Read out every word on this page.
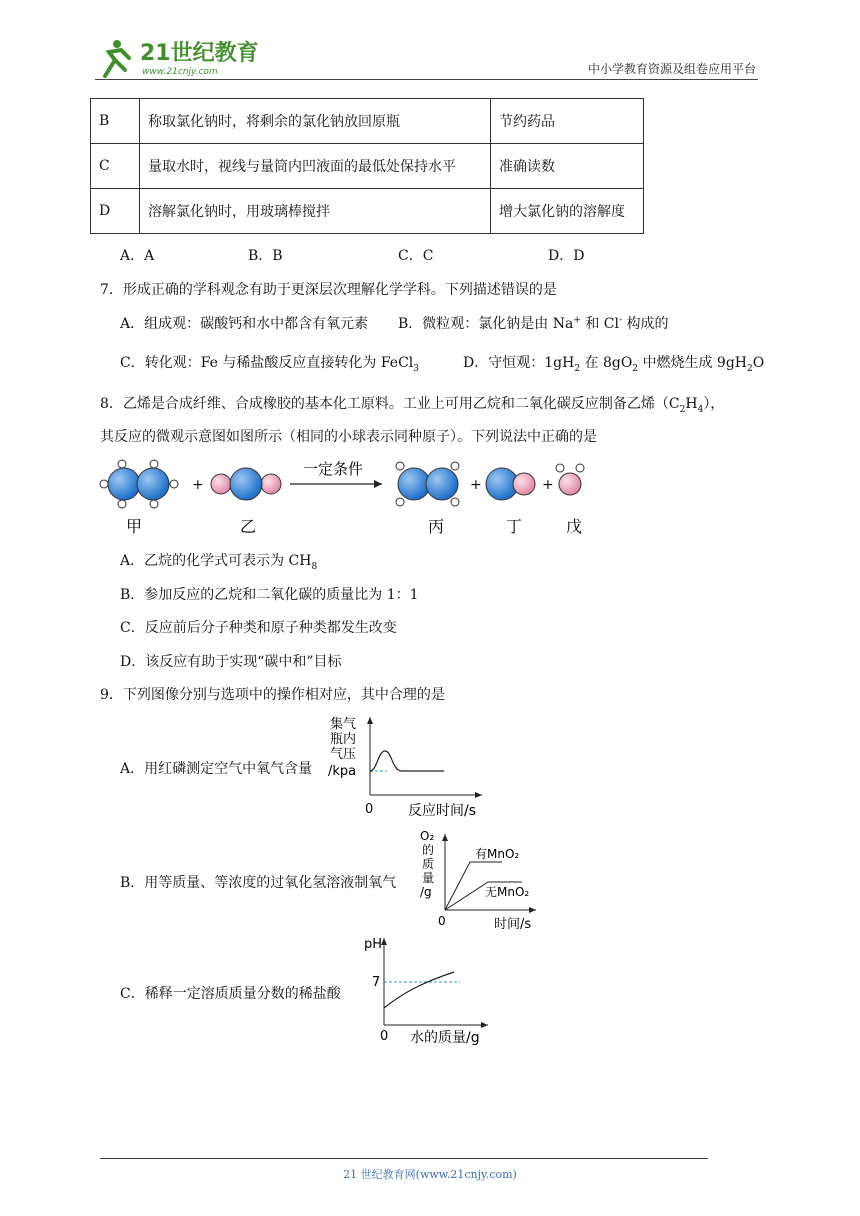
21世纪教育
www.21cnjy.com	中小学教育资源及组卷应用平台
B	称取氯化钠时，将剩余的氯化钠放回原瓶	节约药品
C	量取水时，视线与量筒内凹液面的最低处保持水平	准确读数
D	溶解氯化钠时，用玻璃棒搅拌	增大氯化钠的溶解度
A．A	B．B	C．C	D．D
7．形成正确的学科观念有助于更深层次理解化学学科。下列描述错误的是
A．组成观：碳酸钙和水中都含有氧元素 B．微粒观：氯化钠是由 Na+ 和 Cl- 构成的
C．转化观：Fe 与稀盐酸反应直接转化为 FeCl$_3$	D．守恒观：$1gH_2$ 在 $8gO_2$ 中燃烧生成 $9gH_2O$
8．乙烯是合成纤维、合成橡胶的基本化工原料。工业上可用乙烷和二氧化碳反应制备乙烯$(C_2H_4)$，
其反应的微观示意图如图所示（相同的小球表示同种原子）。下列说法中正确的是
+
一定条件
+	+
甲	乙	丙	丁	戊
A．乙烷的化学式可表示为 $CH_8$
B．参加反应的乙烷和二氧化碳的质量比为 1：1
C．反应前后分子种类和原子种类都发生改变
D．该反应有助于实现“碳中和”目标
9．下列图像分别与选项中的操作相对应，其中合理的是
A．用红磷测定空气中氧气含量
集气
瓶内
气压
/kpa
0 反应时间/s
B．用等质量、等浓度的过氧化氢溶液制氧气
O₂
的
质
量
/g
有MnO₂
无MnO₂
0	时间/s
C．稀释一定溶质质量分数的稀盐酸
pH
7
0 水的质量/g
21 世纪教育网(www.21cnjy.com)
